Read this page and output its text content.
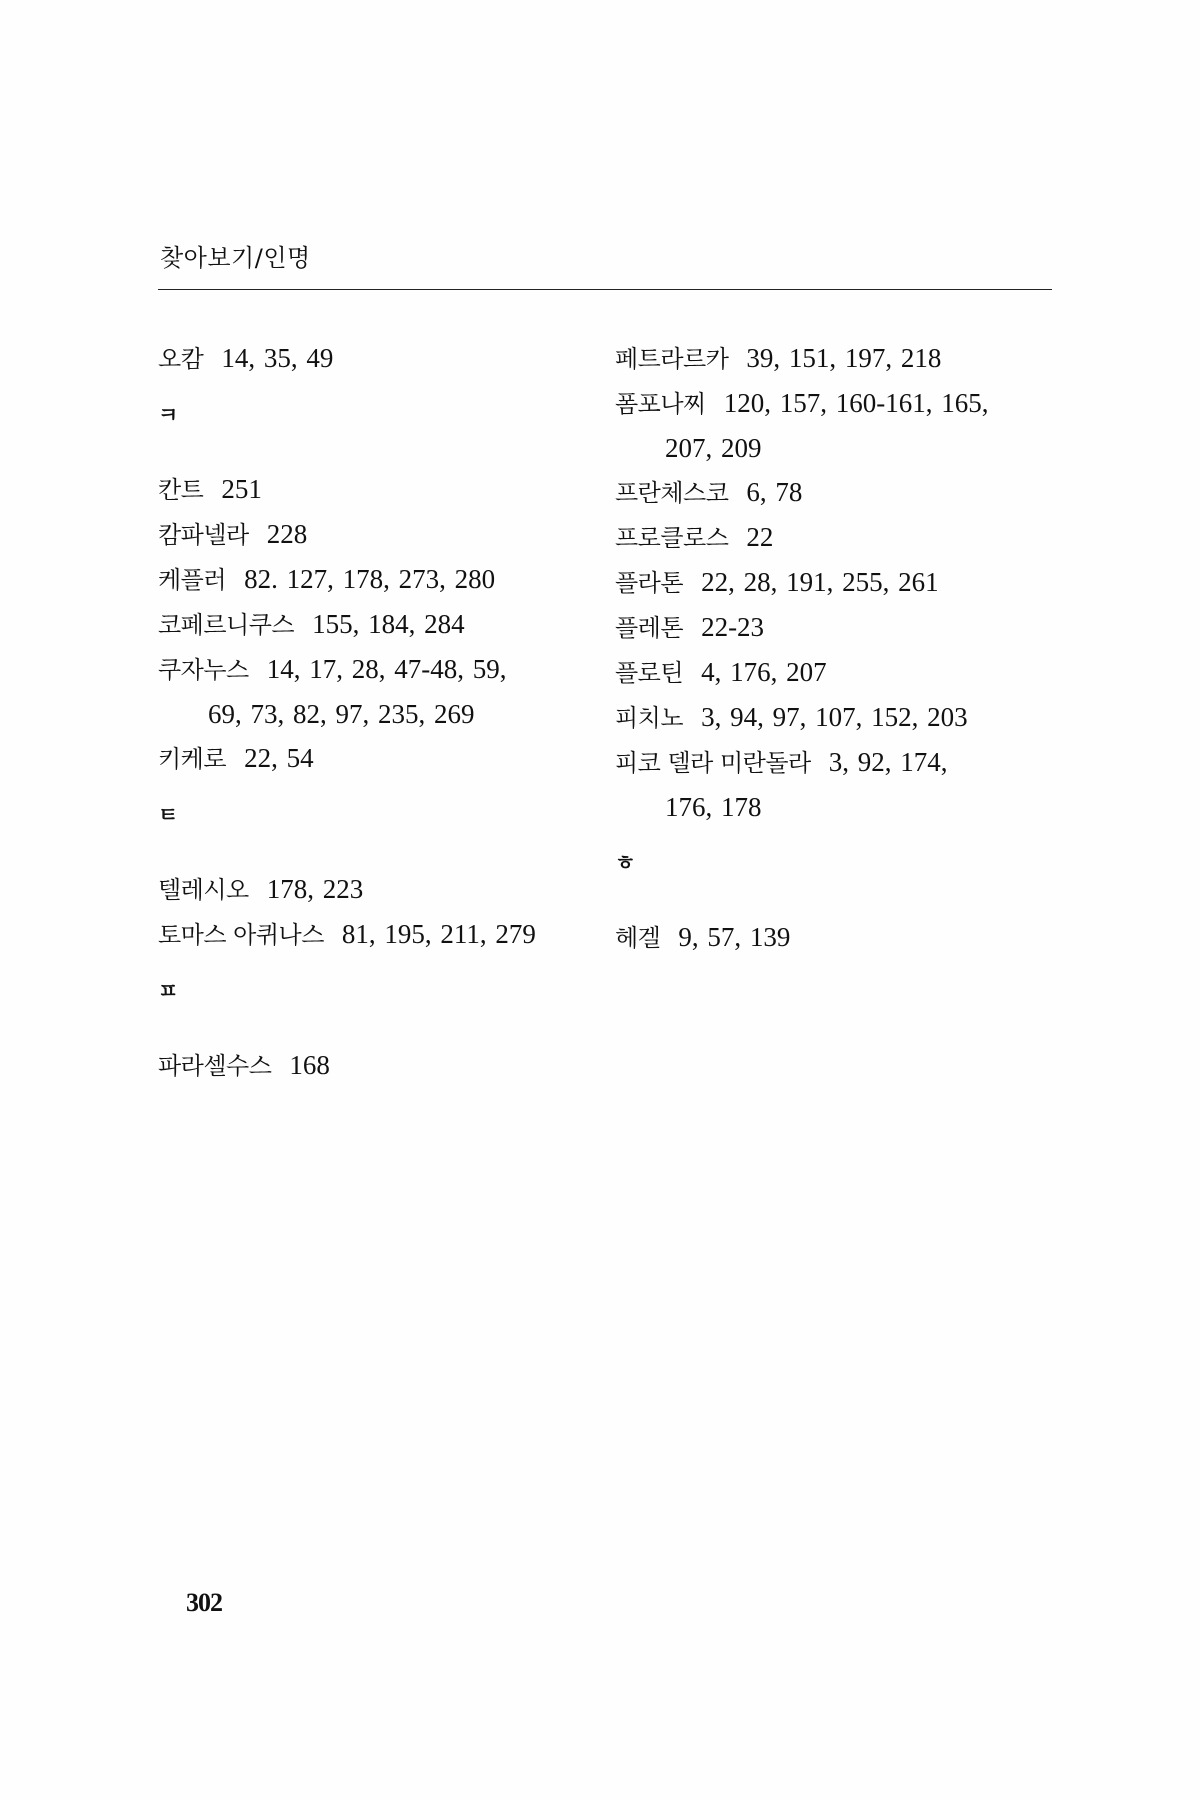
찾아보기/인명
오캄 14, 35, 49
ㅋ
칸트 251
캄파넬라 228
케플러 82. 127, 178, 273, 280
코페르니쿠스 155, 184, 284
쿠자누스 14, 17, 28, 47-48, 59,
69, 73, 82, 97, 235, 269
키케로 22, 54
ㅌ
텔레시오 178, 223
토마스 아퀴나스 81, 195, 211, 279
ㅍ
파라셀수스 168
페트라르카 39, 151, 197, 218
폼포나찌 120, 157, 160-161, 165,
207, 209
프란체스코 6, 78
프로클로스 22
플라톤 22, 28, 191, 255, 261
플레톤 22-23
플로틴 4, 176, 207
피치노 3, 94, 97, 107, 152, 203
피코 델라 미란돌라 3, 92, 174,
176, 178
ㅎ
헤겔 9, 57, 139
302
